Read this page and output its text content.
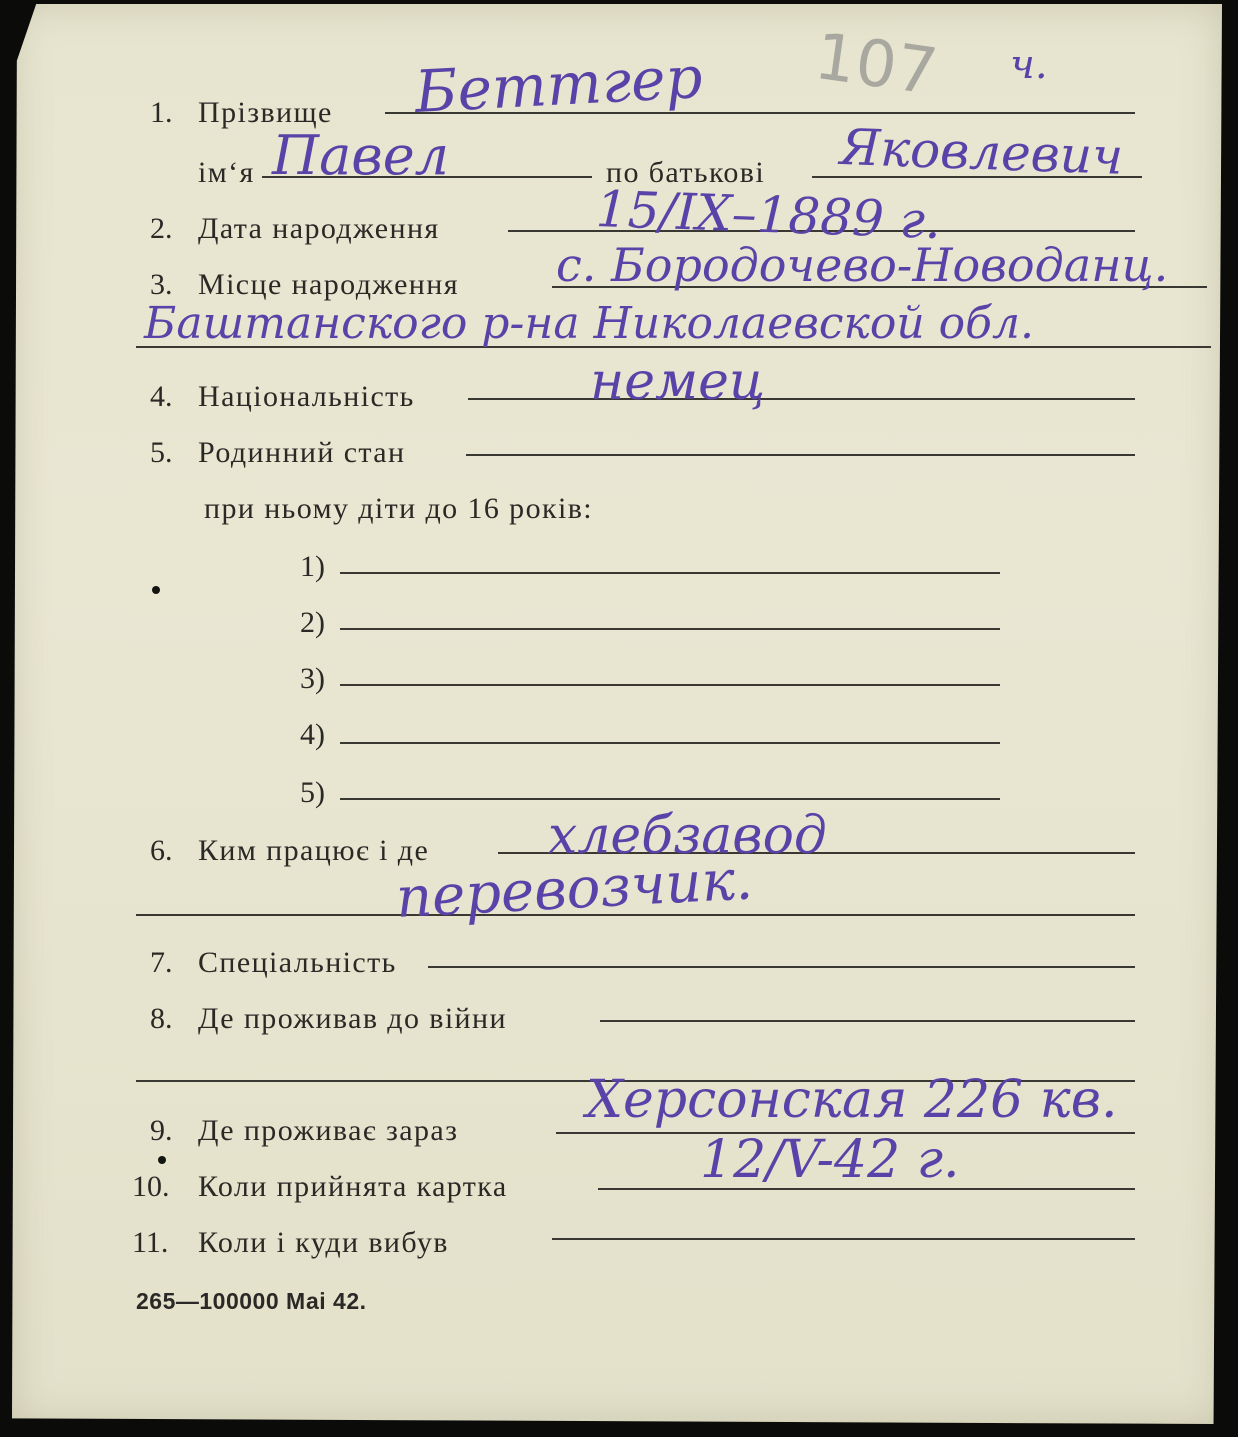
107 ч.
1. Прізвище Беттгер
ім‘я Павел	по батькові Яковлевич
2. Дата народження	15/IX–1889 г.
3. Місце народження с. Бородочево-Новоданц.
Баштанского р-на Николаевской обл.
4. Національність	немец
5. Родинний стан
при ньому діти до 16 років:
1)
2)
3)
4)
5)
6. Ким працює і де хлебзавод
перевозчик.
7. Спеціальність
8. Де проживав до війни
9. Де проживає зараз
Херсонская 226 кв.
10. Коли прийнята картка	12/V-42 г.
11. Коли і куди вибув
265—100000 Маі 42.
